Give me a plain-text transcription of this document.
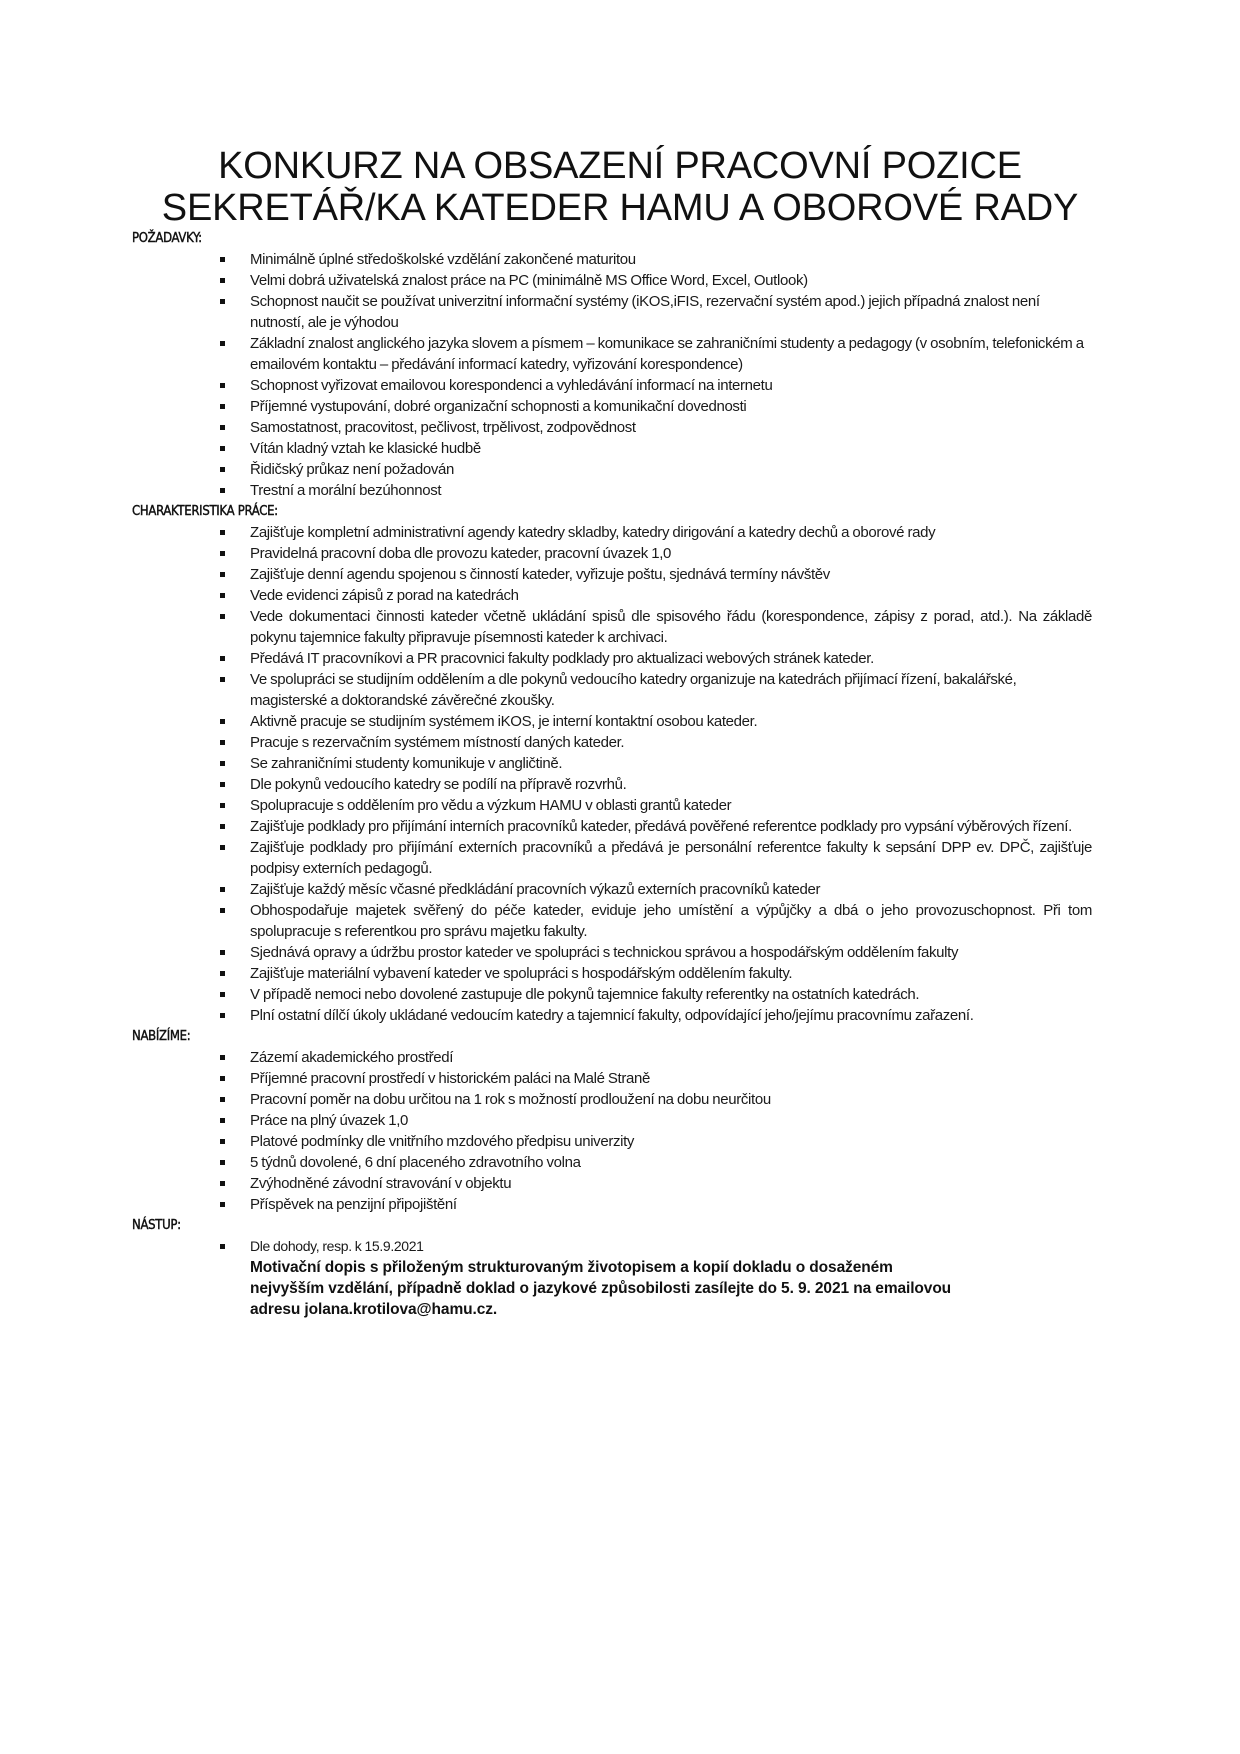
KONKURZ NA OBSAZENÍ PRACOVNÍ POZICE
SEKRETÁŘ/KA KATEDER HAMU A OBOROVÉ RADY
POŽADAVKY:
Minimálně úplné středoškolské vzdělání zakončené maturitou
Velmi dobrá uživatelská znalost práce na PC (minimálně MS Office Word, Excel, Outlook)
Schopnost naučit se používat univerzitní informační systémy (iKOS,iFIS, rezervační systém apod.) jejich případná znalost není nutností, ale je výhodou
Základní znalost anglického jazyka slovem a písmem – komunikace se zahraničními studenty a pedagogy (v osobním, telefonickém a emailovém kontaktu – předávání informací katedry, vyřizování korespondence)
Schopnost vyřizovat emailovou korespondenci a vyhledávání informací na internetu
Příjemné vystupování, dobré organizační schopnosti a komunikační dovednosti
Samostatnost, pracovitost, pečlivost, trpělivost, zodpovědnost
Vítán kladný vztah ke klasické hudbě
Řidičský průkaz není požadován
Trestní a morální bezúhonnost
CHARAKTERISTIKA PRÁCE:
Zajišťuje kompletní administrativní agendy katedry skladby, katedry dirigování a katedry dechů a oborové rady
Pravidelná pracovní doba dle provozu kateder, pracovní úvazek 1,0
Zajišťuje denní agendu spojenou s činností kateder, vyřizuje poštu, sjednává termíny návštěv
Vede evidenci zápisů z porad na katedrách
Vede dokumentaci činnosti kateder včetně ukládání spisů dle spisového řádu (korespondence, zápisy z porad, atd.). Na základě pokynu tajemnice fakulty připravuje písemnosti kateder k archivaci.
Předává IT pracovníkovi a PR pracovnici fakulty podklady pro aktualizaci webových stránek kateder.
Ve spolupráci se studijním oddělením a dle pokynů vedoucího katedry organizuje na katedrách přijímací řízení, bakalářské, magisterské a doktorandské závěrečné zkoušky.
Aktivně pracuje se studijním systémem iKOS, je interní kontaktní osobou kateder.
Pracuje s rezervačním systémem místností daných kateder.
Se zahraničními studenty komunikuje v angličtině.
Dle pokynů vedoucího katedry se podílí na přípravě rozvrhů.
Spolupracuje s oddělením pro vědu a výzkum HAMU v oblasti grantů kateder
Zajišťuje podklady pro přijímání interních pracovníků kateder, předává pověřené referentce podklady pro vypsání výběrových řízení.
Zajišťuje podklady pro přijímání externích pracovníků a předává je personální referentce fakulty k sepsání DPP ev. DPČ, zajišťuje podpisy externích pedagogů.
Zajišťuje každý měsíc včasné předkládání pracovních výkazů externích pracovníků kateder
Obhospodařuje majetek svěřený do péče kateder, eviduje jeho umístění a výpůjčky a dbá o jeho provozuschopnost. Při tom spolupracuje s referentkou pro správu majetku fakulty.
Sjednává opravy a údržbu prostor kateder ve spolupráci s technickou správou a hospodářským oddělením fakulty
Zajišťuje materiální vybavení kateder ve spolupráci s hospodářským oddělením fakulty.
V případě nemoci nebo dovolené zastupuje dle pokynů tajemnice fakulty referentky na ostatních katedrách.
Plní ostatní dílčí úkoly ukládané vedoucím katedry a tajemnicí fakulty, odpovídající jeho/jejímu pracovnímu zařazení.
NABÍZÍME:
Zázemí akademického prostředí
Příjemné pracovní prostředí v historickém paláci na Malé Straně
Pracovní poměr na dobu určitou na 1 rok s možností prodloužení na dobu neurčitou
Práce na plný úvazek 1,0
Platové podmínky dle vnitřního mzdového předpisu univerzity
5 týdnů dovolené, 6 dní placeného zdravotního volna
Zvýhodněné závodní stravování v objektu
Příspěvek na penzijní připojištění
NÁSTUP:
Dle dohody, resp. k 15.9.2021
Motivační dopis s přiloženým strukturovaným životopisem a kopií dokladu o dosaženém nejvyšším vzdělání, případně doklad o jazykové způsobilosti zasílejte do 5. 9. 2021 na emailovou adresu jolana.krotilova@hamu.cz.
